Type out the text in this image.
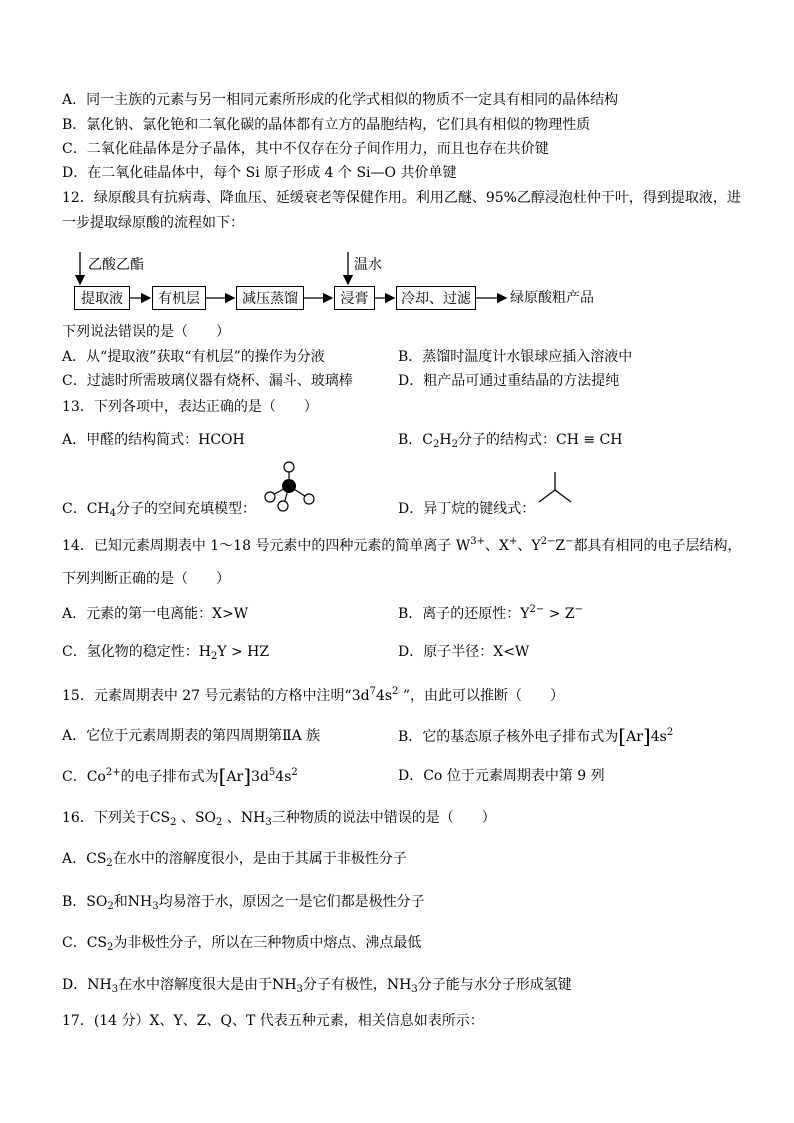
A．同一主族的元素与另一相同元素所形成的化学式相似的物质不一定具有相同的晶体结构
B．氯化钠、氯化铯和二氧化碳的晶体都有立方的晶胞结构，它们具有相似的物理性质
C．二氧化硅晶体是分子晶体，其中不仅存在分子间作用力，而且也存在共价键
D．在二氧化硅晶体中，每个 Si 原子形成 4 个 Si—O 共价单键
12．绿原酸具有抗病毒、降血压、延缓衰老等保健作用。利用乙醚、95%乙醇浸泡杜仲干叶，得到提取液，进
一步提取绿原酸的流程如下：
乙酸乙酯	温水
提取液	有机层	减压蒸馏	浸膏	冷却、过滤	绿原酸粗产品
下列说法错误的是（　　）
A．从“提取液”获取“有机层”的操作为分液	B．蒸馏时温度计水银球应插入溶液中
C．过滤时所需玻璃仪器有烧杯、漏斗、玻璃棒	D．粗产品可通过重结晶的方法提纯
13．下列各项中，表达正确的是（　　）
A．甲醛的结构简式：HCOH	B．$C_2H_2$分子的结构式：CH ≡ CH
C．$CH_4$分子的空间充填模型：	D．异丁烷的键线式：
14．已知元素周期表中 1～18 号元素中的四种元素的简单离子 $W^{3+}$、X+、$Y^{2-}Z^-$都具有相同的电子层结构，
下列判断正确的是（　　）
A．元素的第一电离能：X>W	B．离子的还原性：$Y^{2-} > Z^-$
C．氢化物的稳定性：$H_2Y$ > HZ	D．原子半径：X<W
15．元素周期表中 27 号元素钴的方格中注明“$3d^74s^2$ ”，由此可以推断（　　）
A．它位于元素周期表的第四周期第ⅡA 族	B．它的基态原子核外电子排布式为$[Ar]4s^2$
C．$Co^{2+}$的电子排布式为$[Ar]3d^54s^2$	D．Co 位于元素周期表中第 9 列
16．下列关于$CS_2$ 、$SO_2$ 、$NH_3$三种物质的说法中错误的是（　　）
A．$CS_2$在水中的溶解度很小，是由于其属于非极性分子
B．$SO_2$和$NH_3$均易溶于水，原因之一是它们都是极性分子
C．$CS_2$为非极性分子，所以在三种物质中熔点、沸点最低
D．$NH_3$在水中溶解度很大是由于$NH_3$分子有极性，$NH_3$分子能与水分子形成氢键
17．(14 分）X、Y、Z、Q、T 代表五种元素，相关信息如表所示：
